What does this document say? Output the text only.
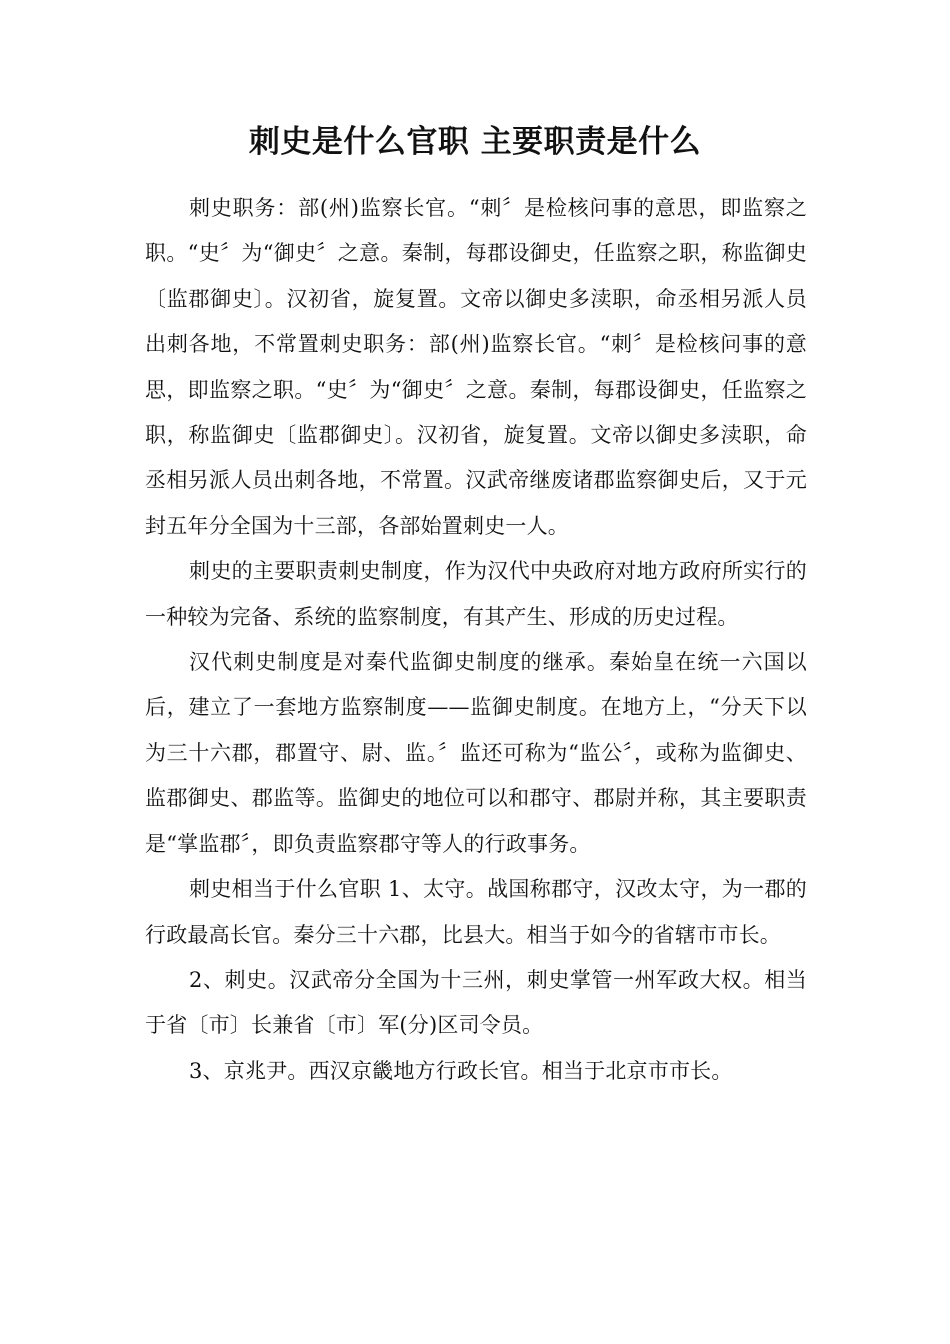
刺史是什么官职 主要职责是什么

刺史职务：部(州)监察长官。“刺〞是检核问事的意思，即监察之职。“史〞为“御史〞之意。秦制，每郡设御史，任监察之职，称监御史〔监郡御史〕。汉初省，旋复置。文帝以御史多渎职，命丞相另派人员出刺各地，不常置刺史职务：部(州)监察长官。“刺〞是检核问事的意思，即监察之职。“史〞为“御史〞之意。秦制，每郡设御史，任监察之职，称监御史〔监郡御史〕。汉初省，旋复置。文帝以御史多渎职，命丞相另派人员出刺各地，不常置。汉武帝继废诸郡监察御史后，又于元封五年分全国为十三部，各部始置刺史一人。

刺史的主要职责刺史制度，作为汉代中央政府对地方政府所实行的一种较为完备、系统的监察制度，有其产生、形成的历史过程。

汉代刺史制度是对秦代监御史制度的继承。秦始皇在统一六国以后，建立了一套地方监察制度——监御史制度。在地方上，“分天下以为三十六郡，郡置守、尉、监。〞监还可称为“监公〞，或称为监御史、监郡御史、郡监等。监御史的地位可以和郡守、郡尉并称，其主要职责是“掌监郡〞，即负责监察郡守等人的行政事务。

刺史相当于什么官职 1、太守。战国称郡守，汉改太守，为一郡的行政最高长官。秦分三十六郡，比县大。相当于如今的省辖市市长。

2、刺史。汉武帝分全国为十三州，刺史掌管一州军政大权。相当于省〔市〕长兼省〔市〕军(分)区司令员。

3、京兆尹。西汉京畿地方行政长官。相当于北京市市长。
